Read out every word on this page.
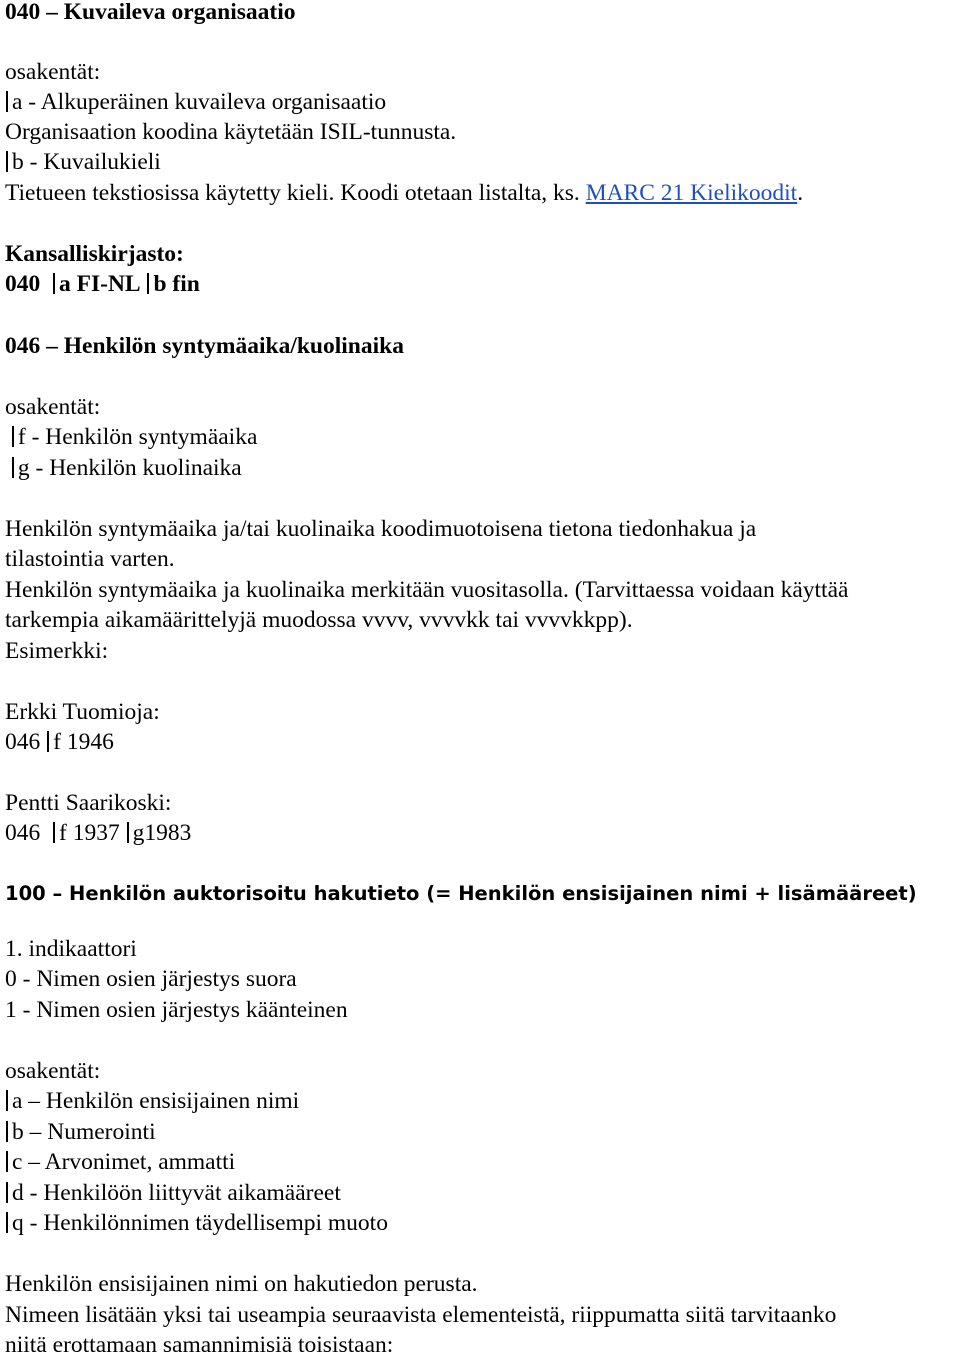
040 – Kuvaileva organisaatio
osakentät:
a - Alkuperäinen kuvaileva organisaatio
Organisaation koodina käytetään ISIL-tunnusta.
b - Kuvailukieli
Tietueen tekstiosissa käytetty kieli. Koodi otetaan listalta, ks. MARC 21 Kielikoodit.
Kansalliskirjasto:
040 a FI-NL b fin
046 – Henkilön syntymäaika/kuolinaika
osakentät:
f - Henkilön syntymäaika
g - Henkilön kuolinaika
Henkilön syntymäaika ja/tai kuolinaika koodimuotoisena tietona tiedonhakua ja
tilastointia varten.
Henkilön syntymäaika ja kuolinaika merkitään vuositasolla. (Tarvittaessa voidaan käyttää
tarkempia aikamäärittelyjä muodossa vvvv, vvvvkk tai vvvvkkpp).
Esimerkki:
Erkki Tuomioja:
046 f 1946
Pentti Saarikoski:
046 f 1937 g1983
100 – Henkilön auktorisoitu hakutieto (= Henkilön ensisijainen nimi + lisämääreet)
1. indikaattori
0 - Nimen osien järjestys suora
1 - Nimen osien järjestys käänteinen
osakentät:
a – Henkilön ensisijainen nimi
b – Numerointi
c – Arvonimet, ammatti
d - Henkilöön liittyvät aikamääreet
q - Henkilönnimen täydellisempi muoto
Henkilön ensisijainen nimi on hakutiedon perusta.
Nimeen lisätään yksi tai useampia seuraavista elementeistä, riippumatta siitä tarvitaanko
niitä erottamaan samannimisiä toisistaan:
